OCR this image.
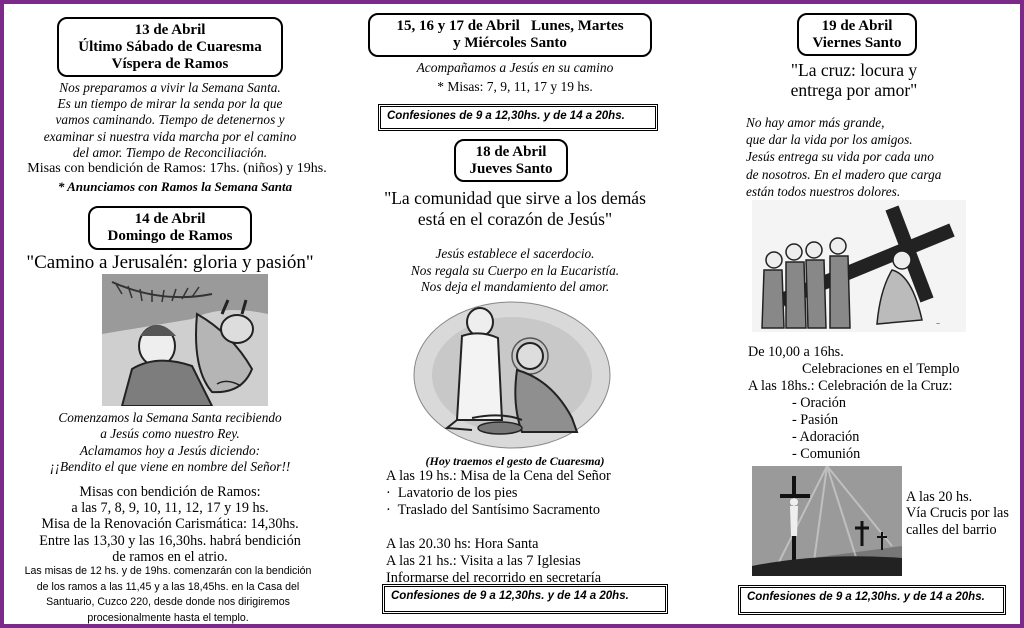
13 de Abril
Último Sábado de Cuaresma
Víspera de Ramos
Nos preparamos a vivir la Semana Santa.
Es un tiempo de mirar la senda por la que
vamos caminando. Tiempo de detenernos y
examinar si nuestra vida marcha por el camino
del amor. Tiempo de Reconciliación.
Misas con bendición de Ramos: 17hs. (niños) y 19hs.
* Anunciamos con Ramos la Semana Santa
14 de Abril
Domingo de Ramos
"Camino a Jerusalén: gloria y pasión"
Comenzamos la Semana Santa recibiendo
a Jesús como nuestro Rey.
Aclamamos hoy a Jesús diciendo:
¡¡Bendito el que viene en nombre del Señor!!
Misas con bendición de Ramos:
a las 7, 8, 9, 10, 11, 12, 17 y 19 hs.
Misa de la Renovación Carismática: 14,30hs.
Entre las 13,30 y las 16,30hs. habrá bendición
de ramos en el atrio.
Las misas de 12 hs. y de 19hs. comenzarán con la bendición
de los ramos a las 11,45 y a las 18,45hs. en la Casa del
Santuario, Cuzco 220, desde donde nos dirigiremos
procesionalmente hasta el templo.
15, 16 y 17 de Abril   Lunes, Martes
y Miércoles Santo
Acompañamos a Jesús en su camino
* Misas: 7, 9, 11, 17 y 19 hs.
Confesiones de 9 a 12,30hs. y de 14 a 20hs.
18 de Abril
Jueves Santo
"La comunidad que sirve a los demás
está en el corazón de Jesús"
Jesús establece el sacerdocio.
Nos regala su Cuerpo en la Eucaristía.
Nos deja el mandamiento del amor.
(Hoy traemos el gesto de Cuaresma)
A las 19 hs.: Misa de la Cena del Señor
·  Lavatorio de los pies
·  Traslado del Santísimo Sacramento
A las 20.30 hs: Hora Santa
A las 21 hs.: Visita a las 7 Iglesias
Informarse del recorrido en secretaría
Confesiones de 9 a 12,30hs. y de 14 a 20hs.
19 de Abril
Viernes Santo
"La cruz: locura y
entrega por amor"
No hay amor más grande,
que dar la vida por los amigos.
Jesús entrega su vida por cada uno
de nosotros. En el madero que carga
están todos nuestros dolores.
~
De 10,00 a 16hs.
Celebraciones en el Templo
A las 18hs.: Celebración de la Cruz:
- Oración
- Pasión
- Adoración
- Comunión
A las 20 hs.
Vía Crucis por las
calles del barrio
Confesiones de 9 a 12,30hs. y de 14 a 20hs.
